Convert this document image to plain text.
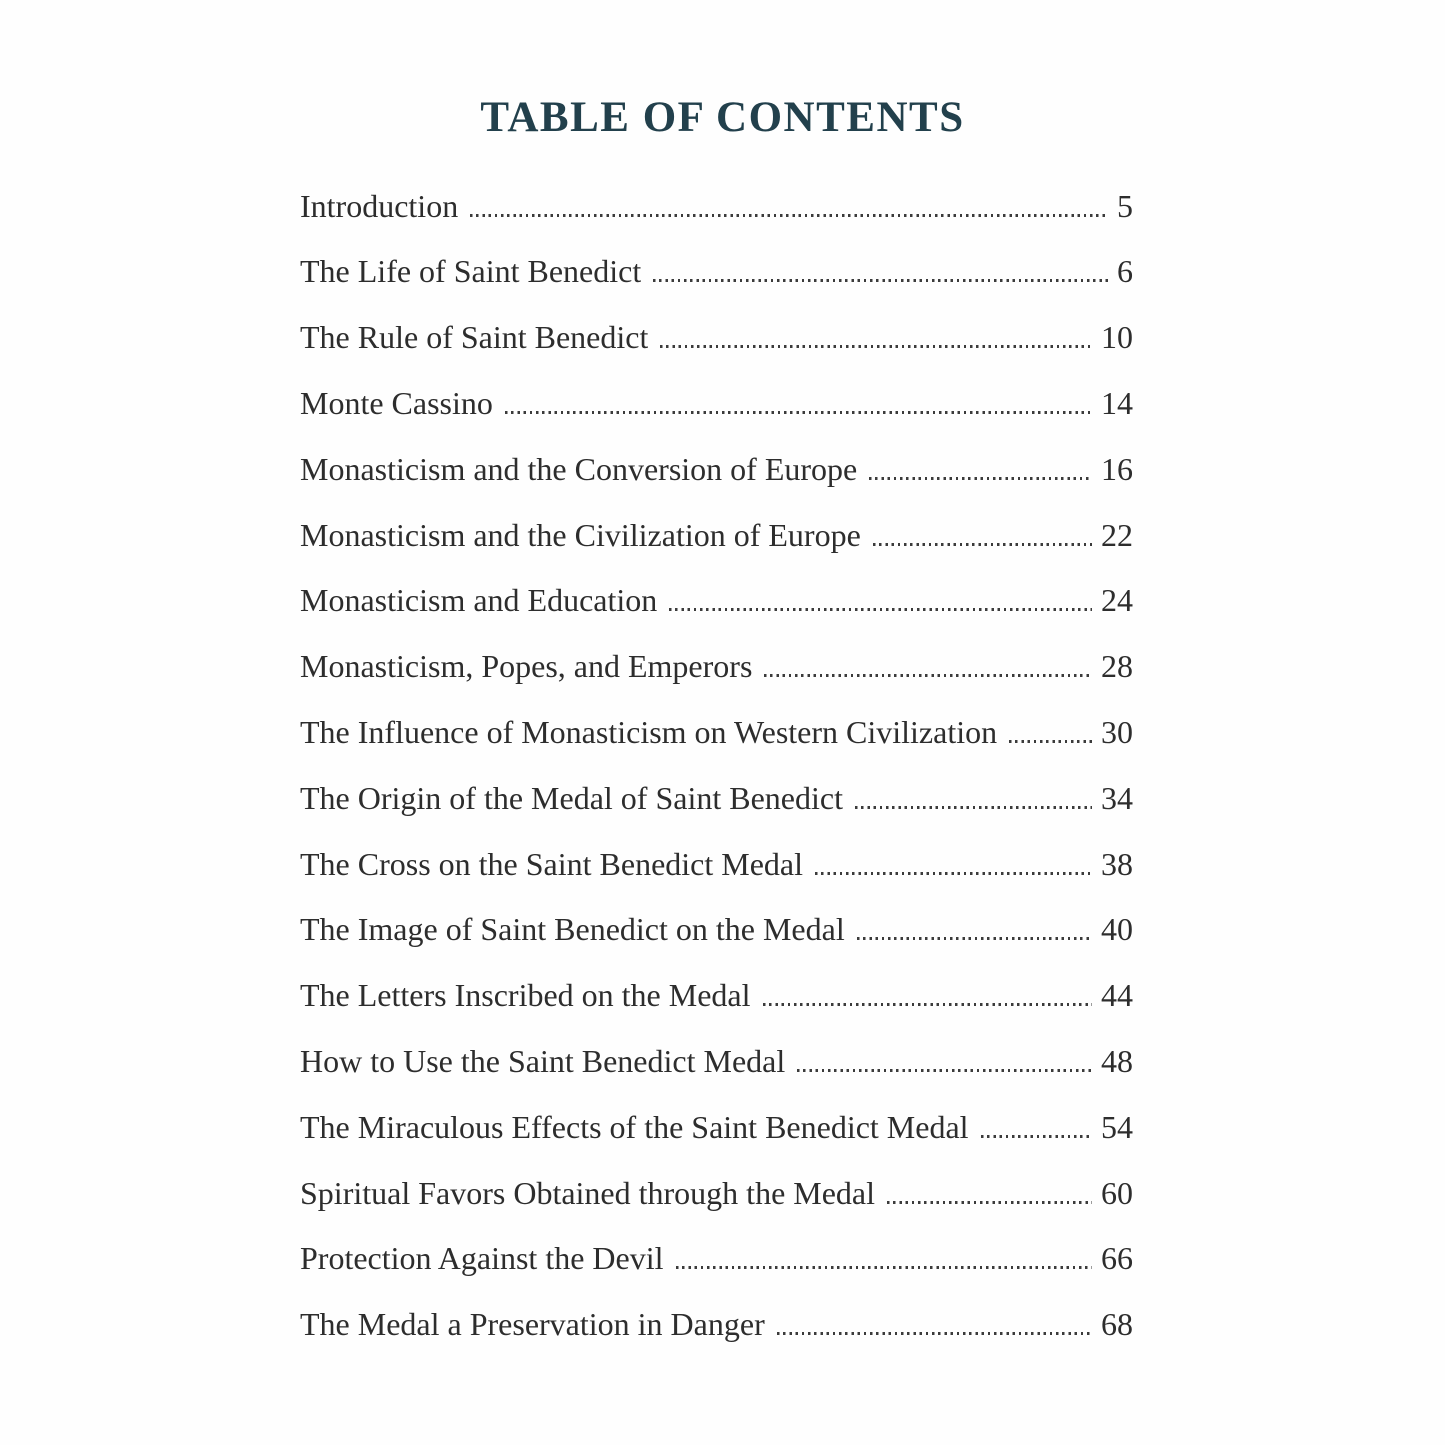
TABLE OF CONTENTS
Introduction	5
The Life of Saint Benedict	6
The Rule of Saint Benedict	10
Monte Cassino	14
Monasticism and the Conversion of Europe	16
Monasticism and the Civilization of Europe	22
Monasticism and Education	24
Monasticism, Popes, and Emperors	28
The Influence of Monasticism on Western Civilization	30
The Origin of the Medal of Saint Benedict	34
The Cross on the Saint Benedict Medal	38
The Image of Saint Benedict on the Medal	40
The Letters Inscribed on the Medal	44
How to Use the Saint Benedict Medal	48
The Miraculous Effects of the Saint Benedict Medal	54
Spiritual Favors Obtained through the Medal	60
Protection Against the Devil	66
The Medal a Preservation in Danger	68
